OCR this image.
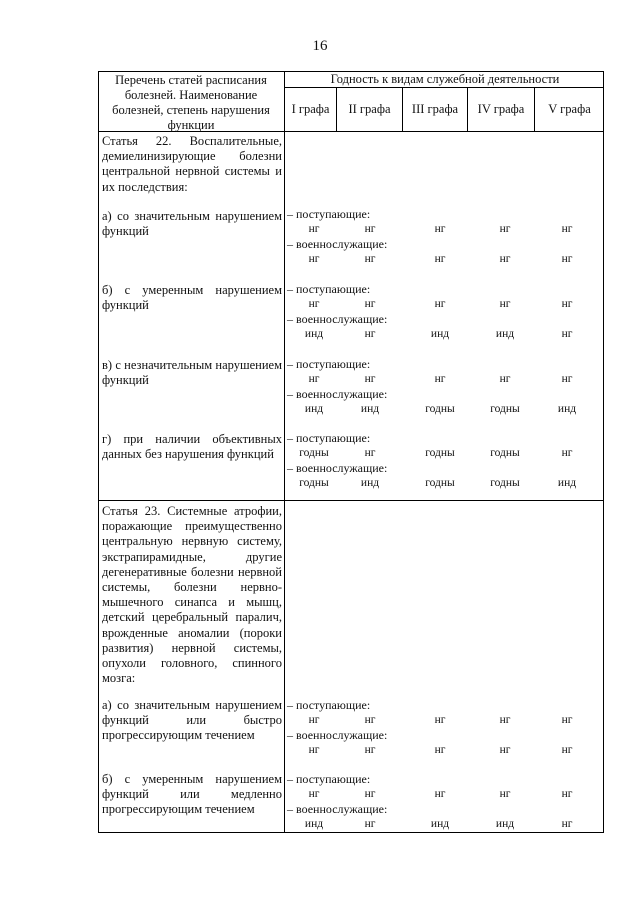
16
Перечень статей расписания болезней. Наименование болезней, степень нарушения функции
Годность к видам служебной деятельности
I графа	II графа	III графа	IV графа	V графа
Статья 22. Воспалительные, демиелинизирующие болезни центральной нервной системы и их последствия:
а) со значительным нарушением функций
– поступающие:
нг	нг	нг	нг	нг
– военнослужащие:
нг	нг	нг	нг	нг
б) с умеренным нарушением функций
– поступающие:
нг	нг	нг	нг	нг
– военнослужащие:
инд	нг	инд	инд	нг
в) с незначительным нарушением функций
– поступающие:
нг	нг	нг	нг	нг
– военнослужащие:
инд	инд	годны	годны	инд
г) при наличии объективных данных без нарушения функций
– поступающие:
годны	нг	годны	годны	нг
– военнослужащие:
годны	инд	годны	годны	инд
Статья 23. Системные атрофии, поражающие преимущественно центральную нервную систему, экстрапирамидные, другие дегенеративные болезни нервной системы, болезни нервно-мышечного синапса и мышц, детский церебральный паралич, врожденные аномалии (пороки развития) нервной системы, опухоли головного, спинного мозга:
а) со значительным нарушением функций или быстро прогрессирующим течением
– поступающие:
нг	нг	нг	нг	нг
– военнослужащие:
нг	нг	нг	нг	нг
б) с умеренным нарушением функций или медленно прогрессирующим течением
– поступающие:
нг	нг	нг	нг	нг
– военнослужащие:
инд	нг	инд	инд	нг
